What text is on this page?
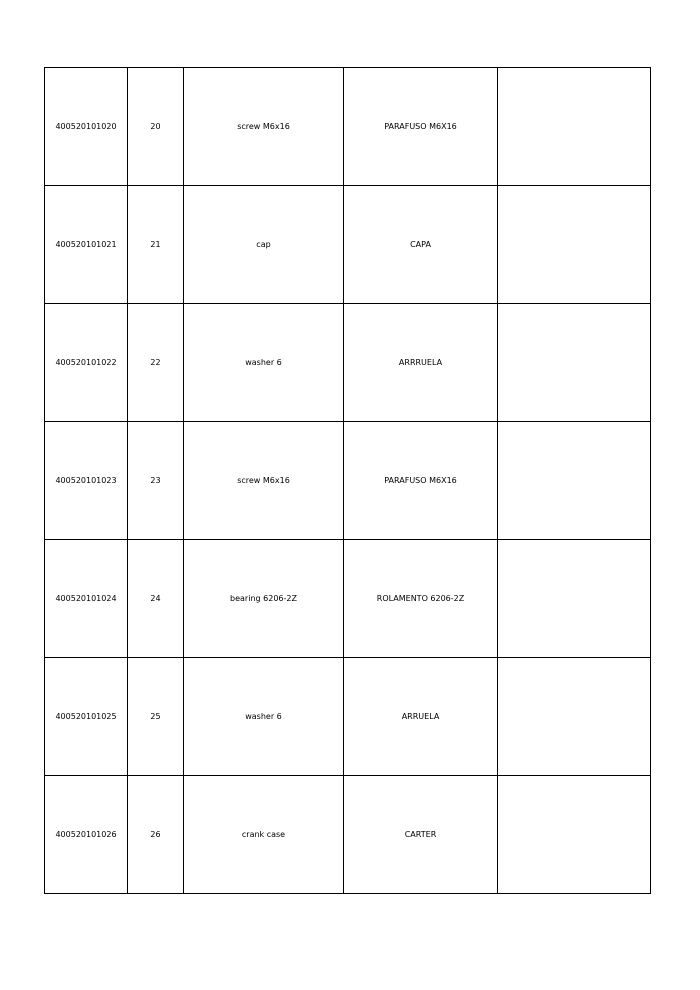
400520101020	20	screw M6x16	PARAFUSO M6X16	
400520101021	21	cap	CAPA	
400520101022	22	washer 6	ARRRUELA	
400520101023	23	screw M6x16	PARAFUSO M6X16	
400520101024	24	bearing 6206-2Z	ROLAMENTO 6206-2Z	
400520101025	25	washer 6	ARRUELA	
400520101026	26	crank case	CARTER	
